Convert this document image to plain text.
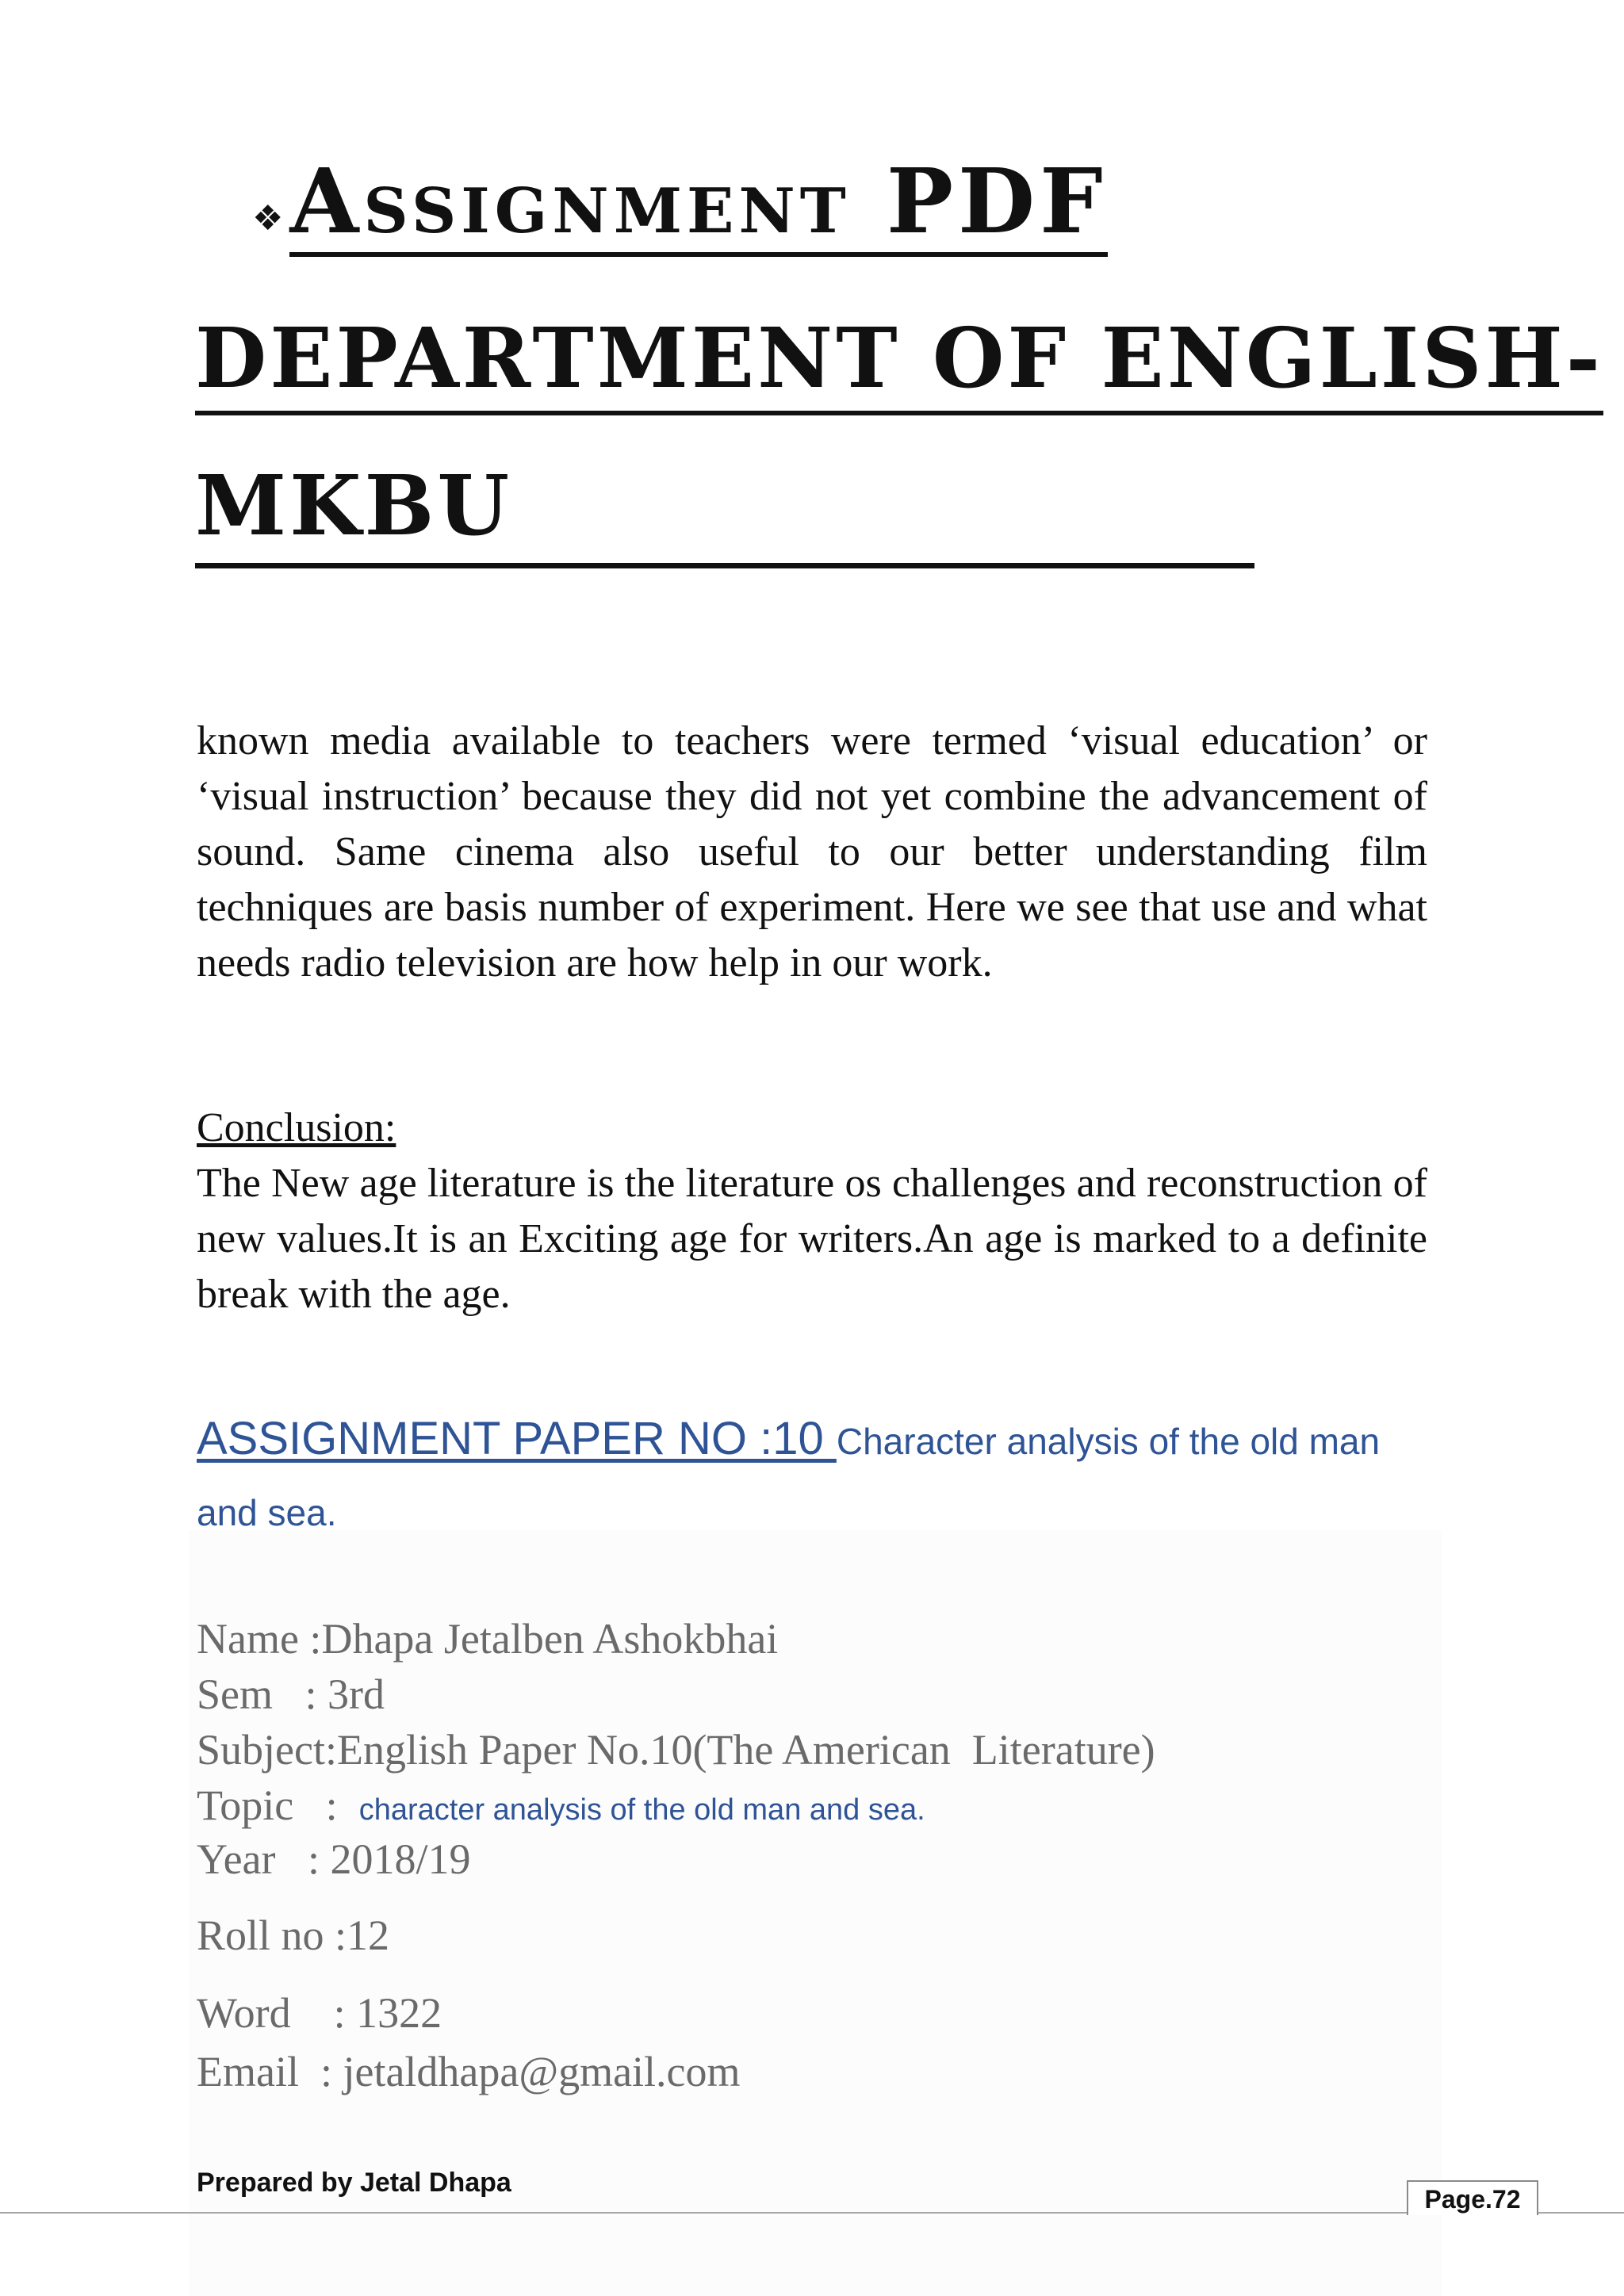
❖ Assignment PDF
DEPARTMENT OF ENGLISH-
MKBU
known media available to teachers were termed ‘visual education’ or ‘visual instruction’ because they did not yet combine the advancement of sound. Same cinema also useful to our better understanding film techniques are basis number of experiment. Here we see that use and what needs radio television are how help in our work.
Conclusion:
The New age literature is the literature os challenges and reconstruction of new values.It is an Exciting age for writers.An age is marked to a definite break with the age.
ASSIGNMENT PAPER NO :10 Character analysis of the old man and sea.
Name :Dhapa Jetalben Ashokbhai
Sem   : 3rd
Subject:English Paper No.10(The American  Literature)
Topic   :  character analysis of the old man and sea.
Year   : 2018/19
Roll no :12
Word    : 1322
Email  : jetaldhapa@gmail.com
Prepared by Jetal Dhapa
Page.72
